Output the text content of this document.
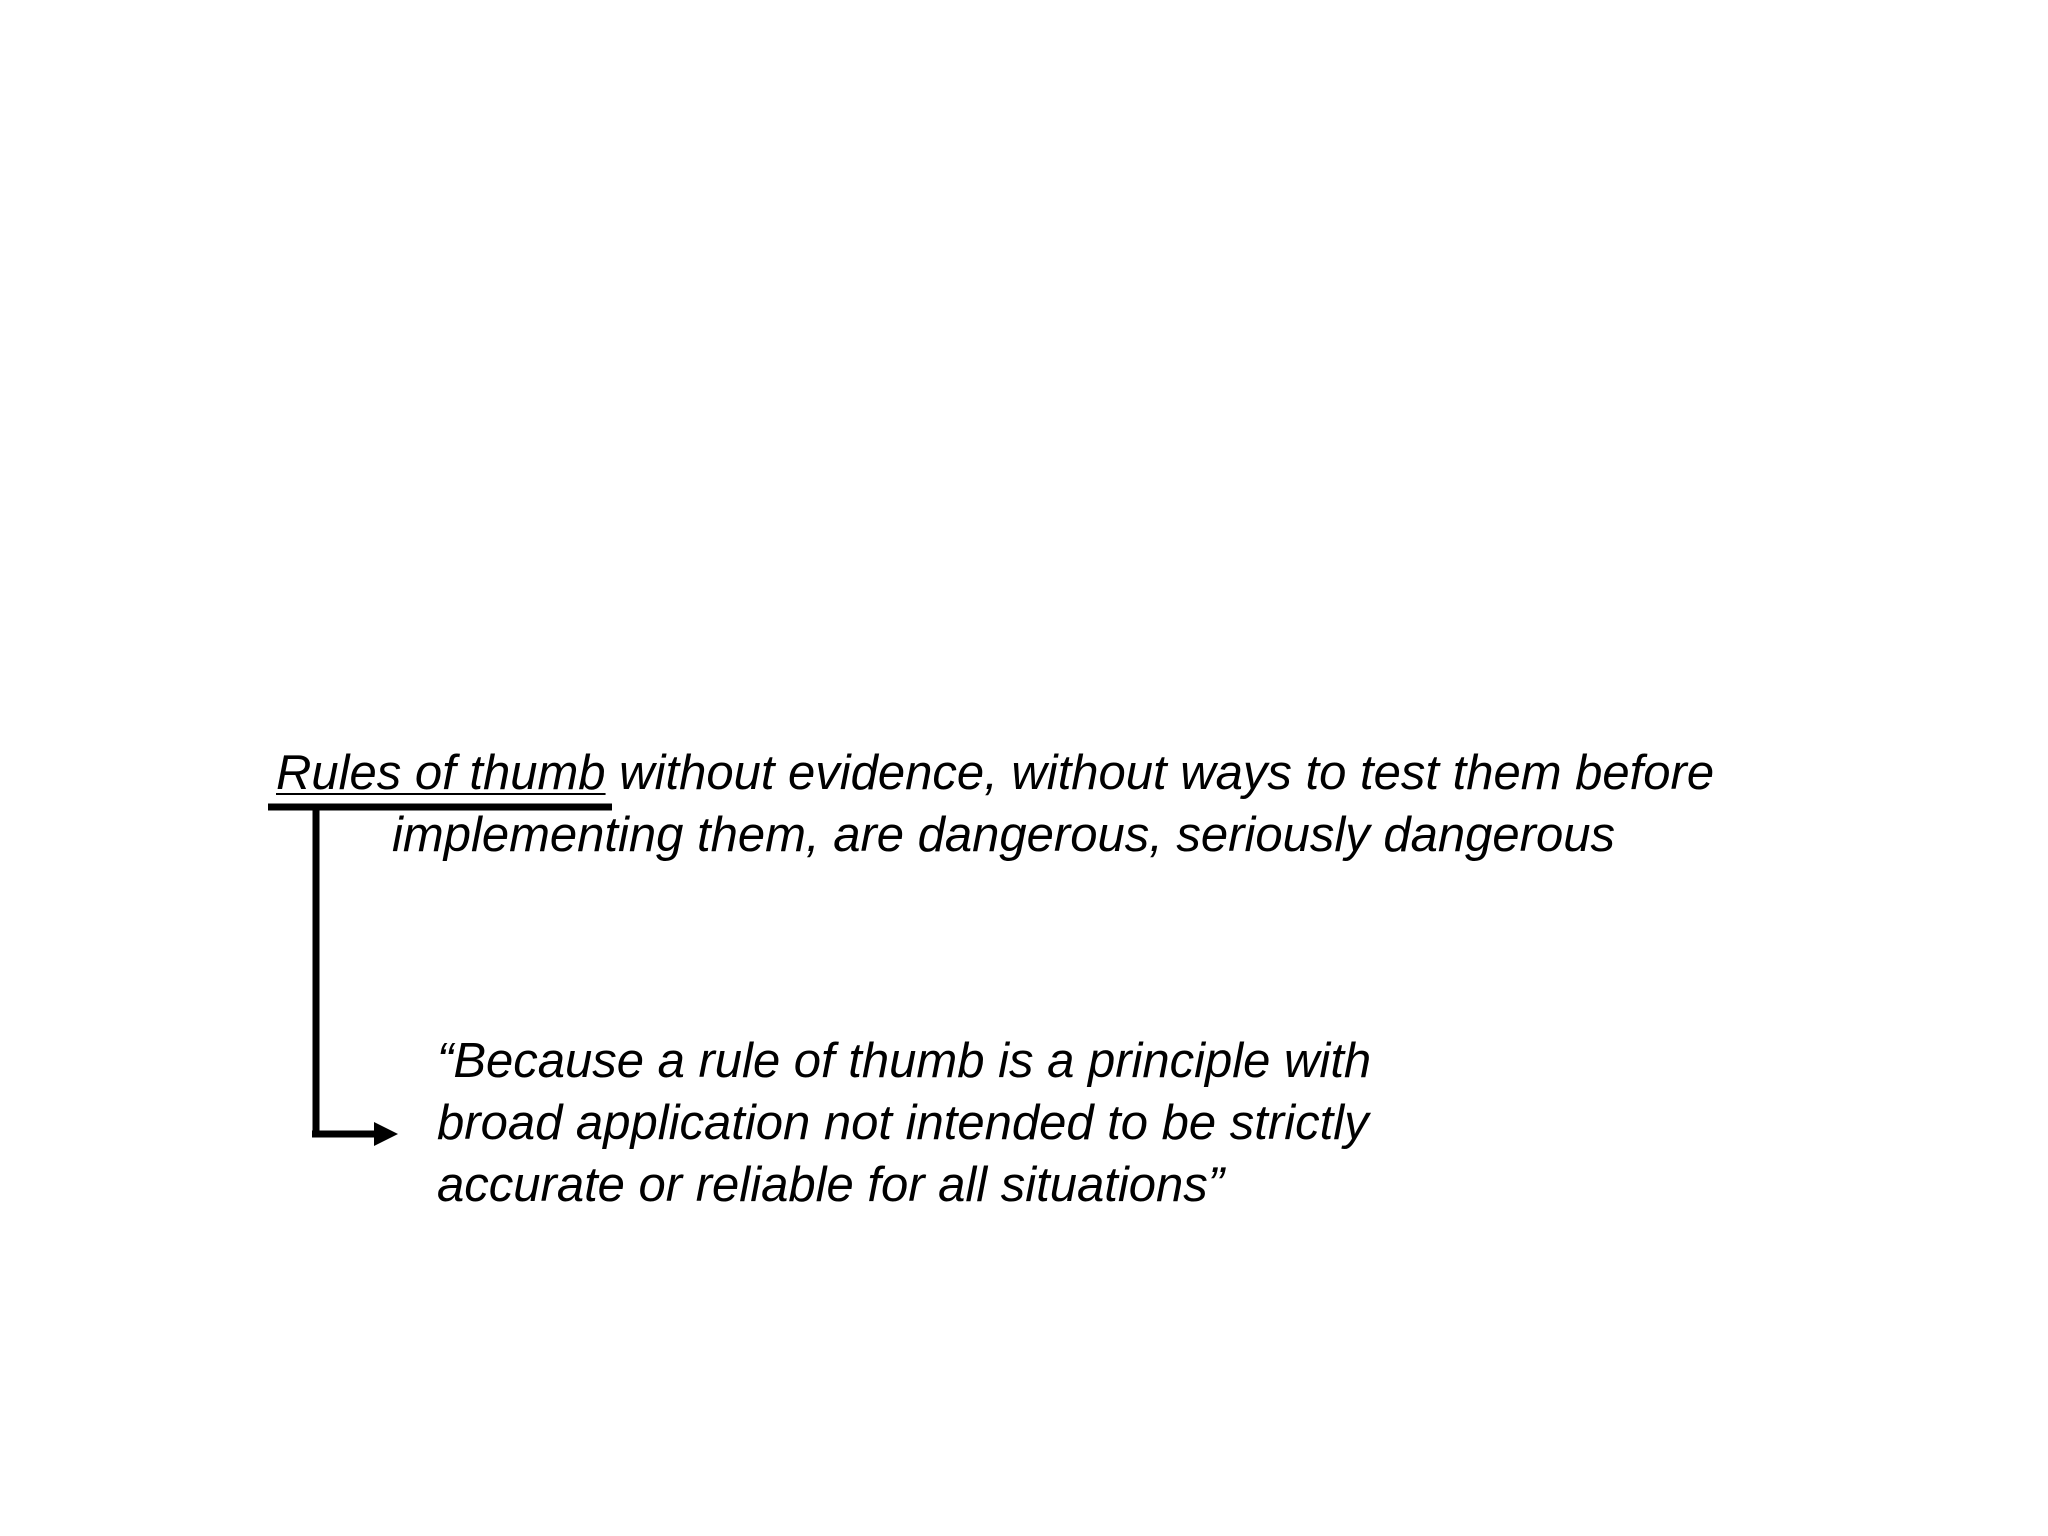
Rules of thumb without evidence, without ways to test them before
implementing them, are dangerous, seriously dangerous

“Because a rule of thumb is a principle with
broad application not intended to be strictly
accurate or reliable for all situations”
